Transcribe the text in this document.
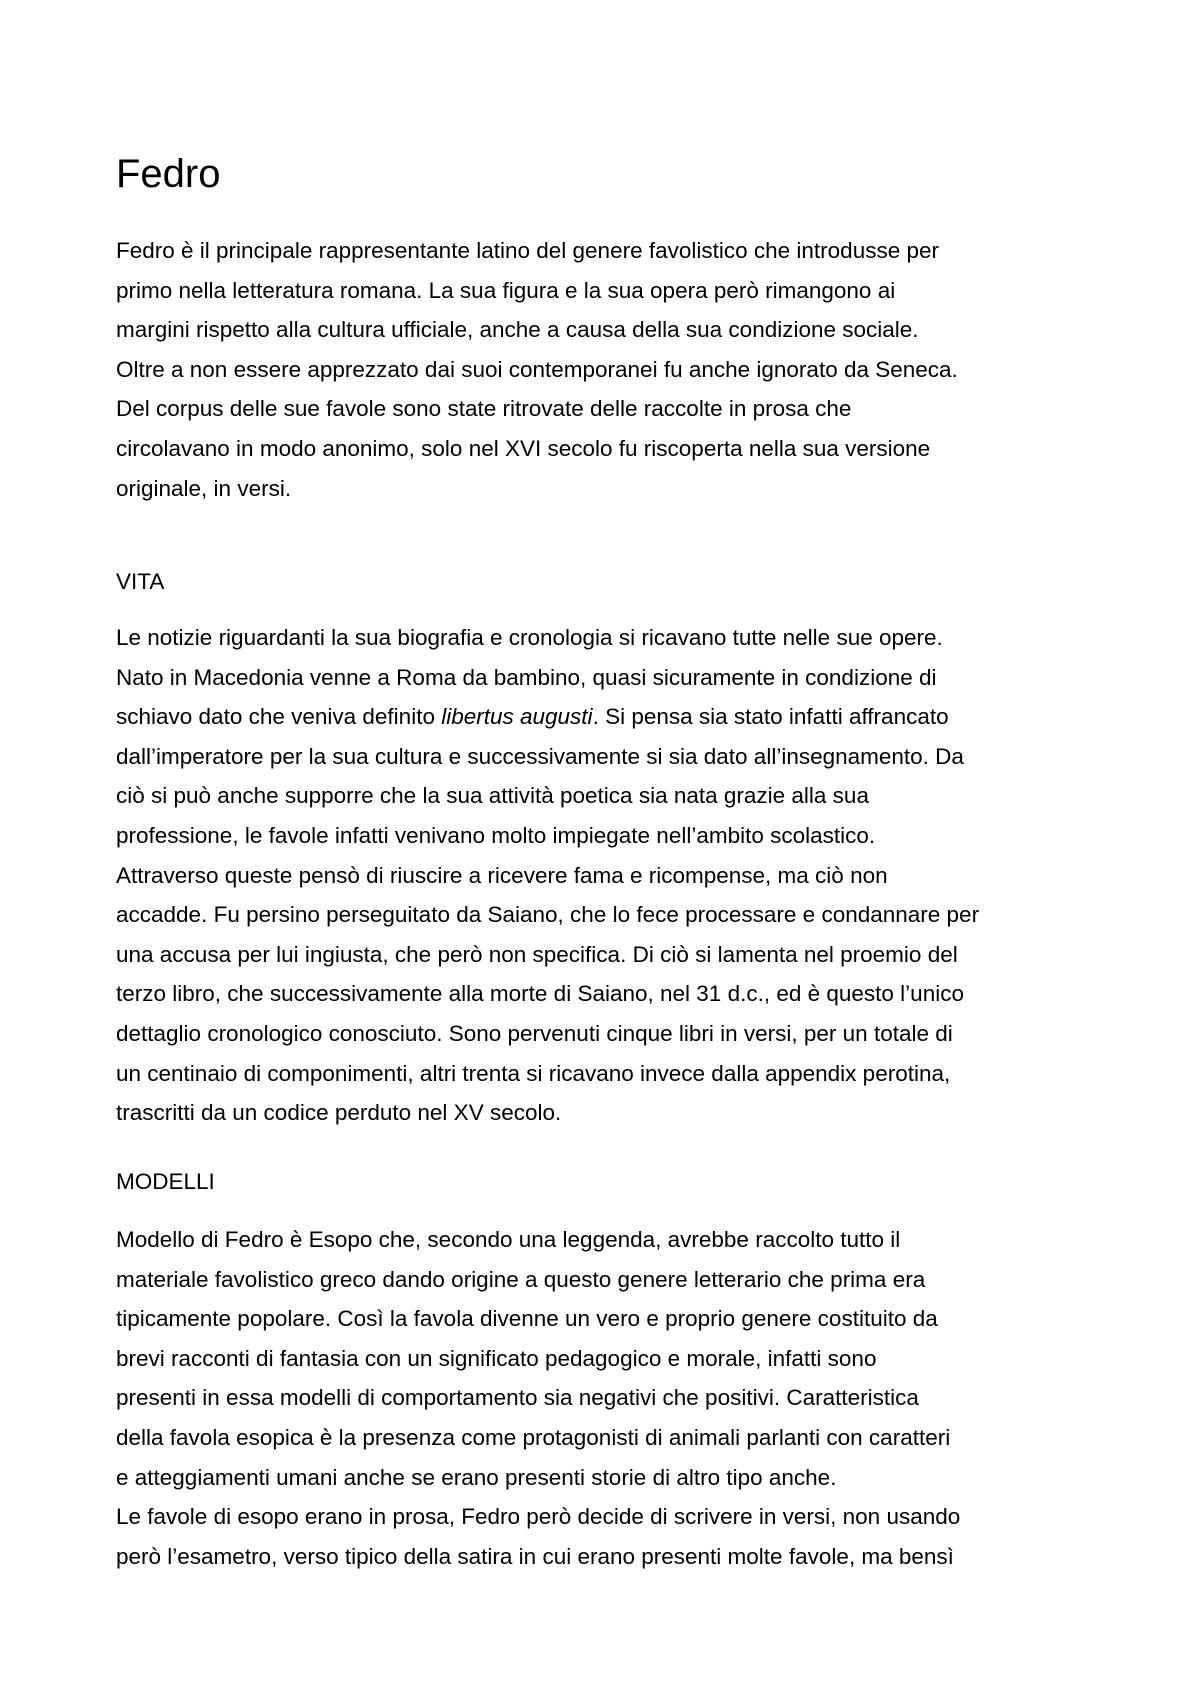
Fedro
Fedro è il principale rappresentante latino del genere favolistico che introdusse per
primo nella letteratura romana. La sua figura e la sua opera però rimangono ai
margini rispetto alla cultura ufficiale, anche a causa della sua condizione sociale.
Oltre a non essere apprezzato dai suoi contemporanei fu anche ignorato da Seneca.
Del corpus delle sue favole sono state ritrovate delle raccolte in prosa che
circolavano in modo anonimo, solo nel XVI secolo fu riscoperta nella sua versione
originale, in versi.
VITA
Le notizie riguardanti la sua biografia e cronologia si ricavano tutte nelle sue opere.
Nato in Macedonia venne a Roma da bambino, quasi sicuramente in condizione di
schiavo dato che veniva definito libertus augusti. Si pensa sia stato infatti affrancato
dall’imperatore per la sua cultura e successivamente si sia dato all’insegnamento. Da
ciò si può anche supporre che la sua attività poetica sia nata grazie alla sua
professione, le favole infatti venivano molto impiegate nell’ambito scolastico.
Attraverso queste pensò di riuscire a ricevere fama e ricompense, ma ciò non
accadde. Fu persino perseguitato da Saiano, che lo fece processare e condannare per
una accusa per lui ingiusta, che però non specifica. Di ciò si lamenta nel proemio del
terzo libro, che successivamente alla morte di Saiano, nel 31 d.c., ed è questo l’unico
dettaglio cronologico conosciuto. Sono pervenuti cinque libri in versi, per un totale di
un centinaio di componimenti, altri trenta si ricavano invece dalla appendix perotina,
trascritti da un codice perduto nel XV secolo.
MODELLI
Modello di Fedro è Esopo che, secondo una leggenda, avrebbe raccolto tutto il
materiale favolistico greco dando origine a questo genere letterario che prima era
tipicamente popolare. Così la favola divenne un vero e proprio genere costituito da
brevi racconti di fantasia con un significato pedagogico e morale, infatti sono
presenti in essa modelli di comportamento sia negativi che positivi. Caratteristica
della favola esopica è la presenza come protagonisti di animali parlanti con caratteri
e atteggiamenti umani anche se erano presenti storie di altro tipo anche.
Le favole di esopo erano in prosa, Fedro però decide di scrivere in versi, non usando
però l’esametro, verso tipico della satira in cui erano presenti molte favole, ma bensì
